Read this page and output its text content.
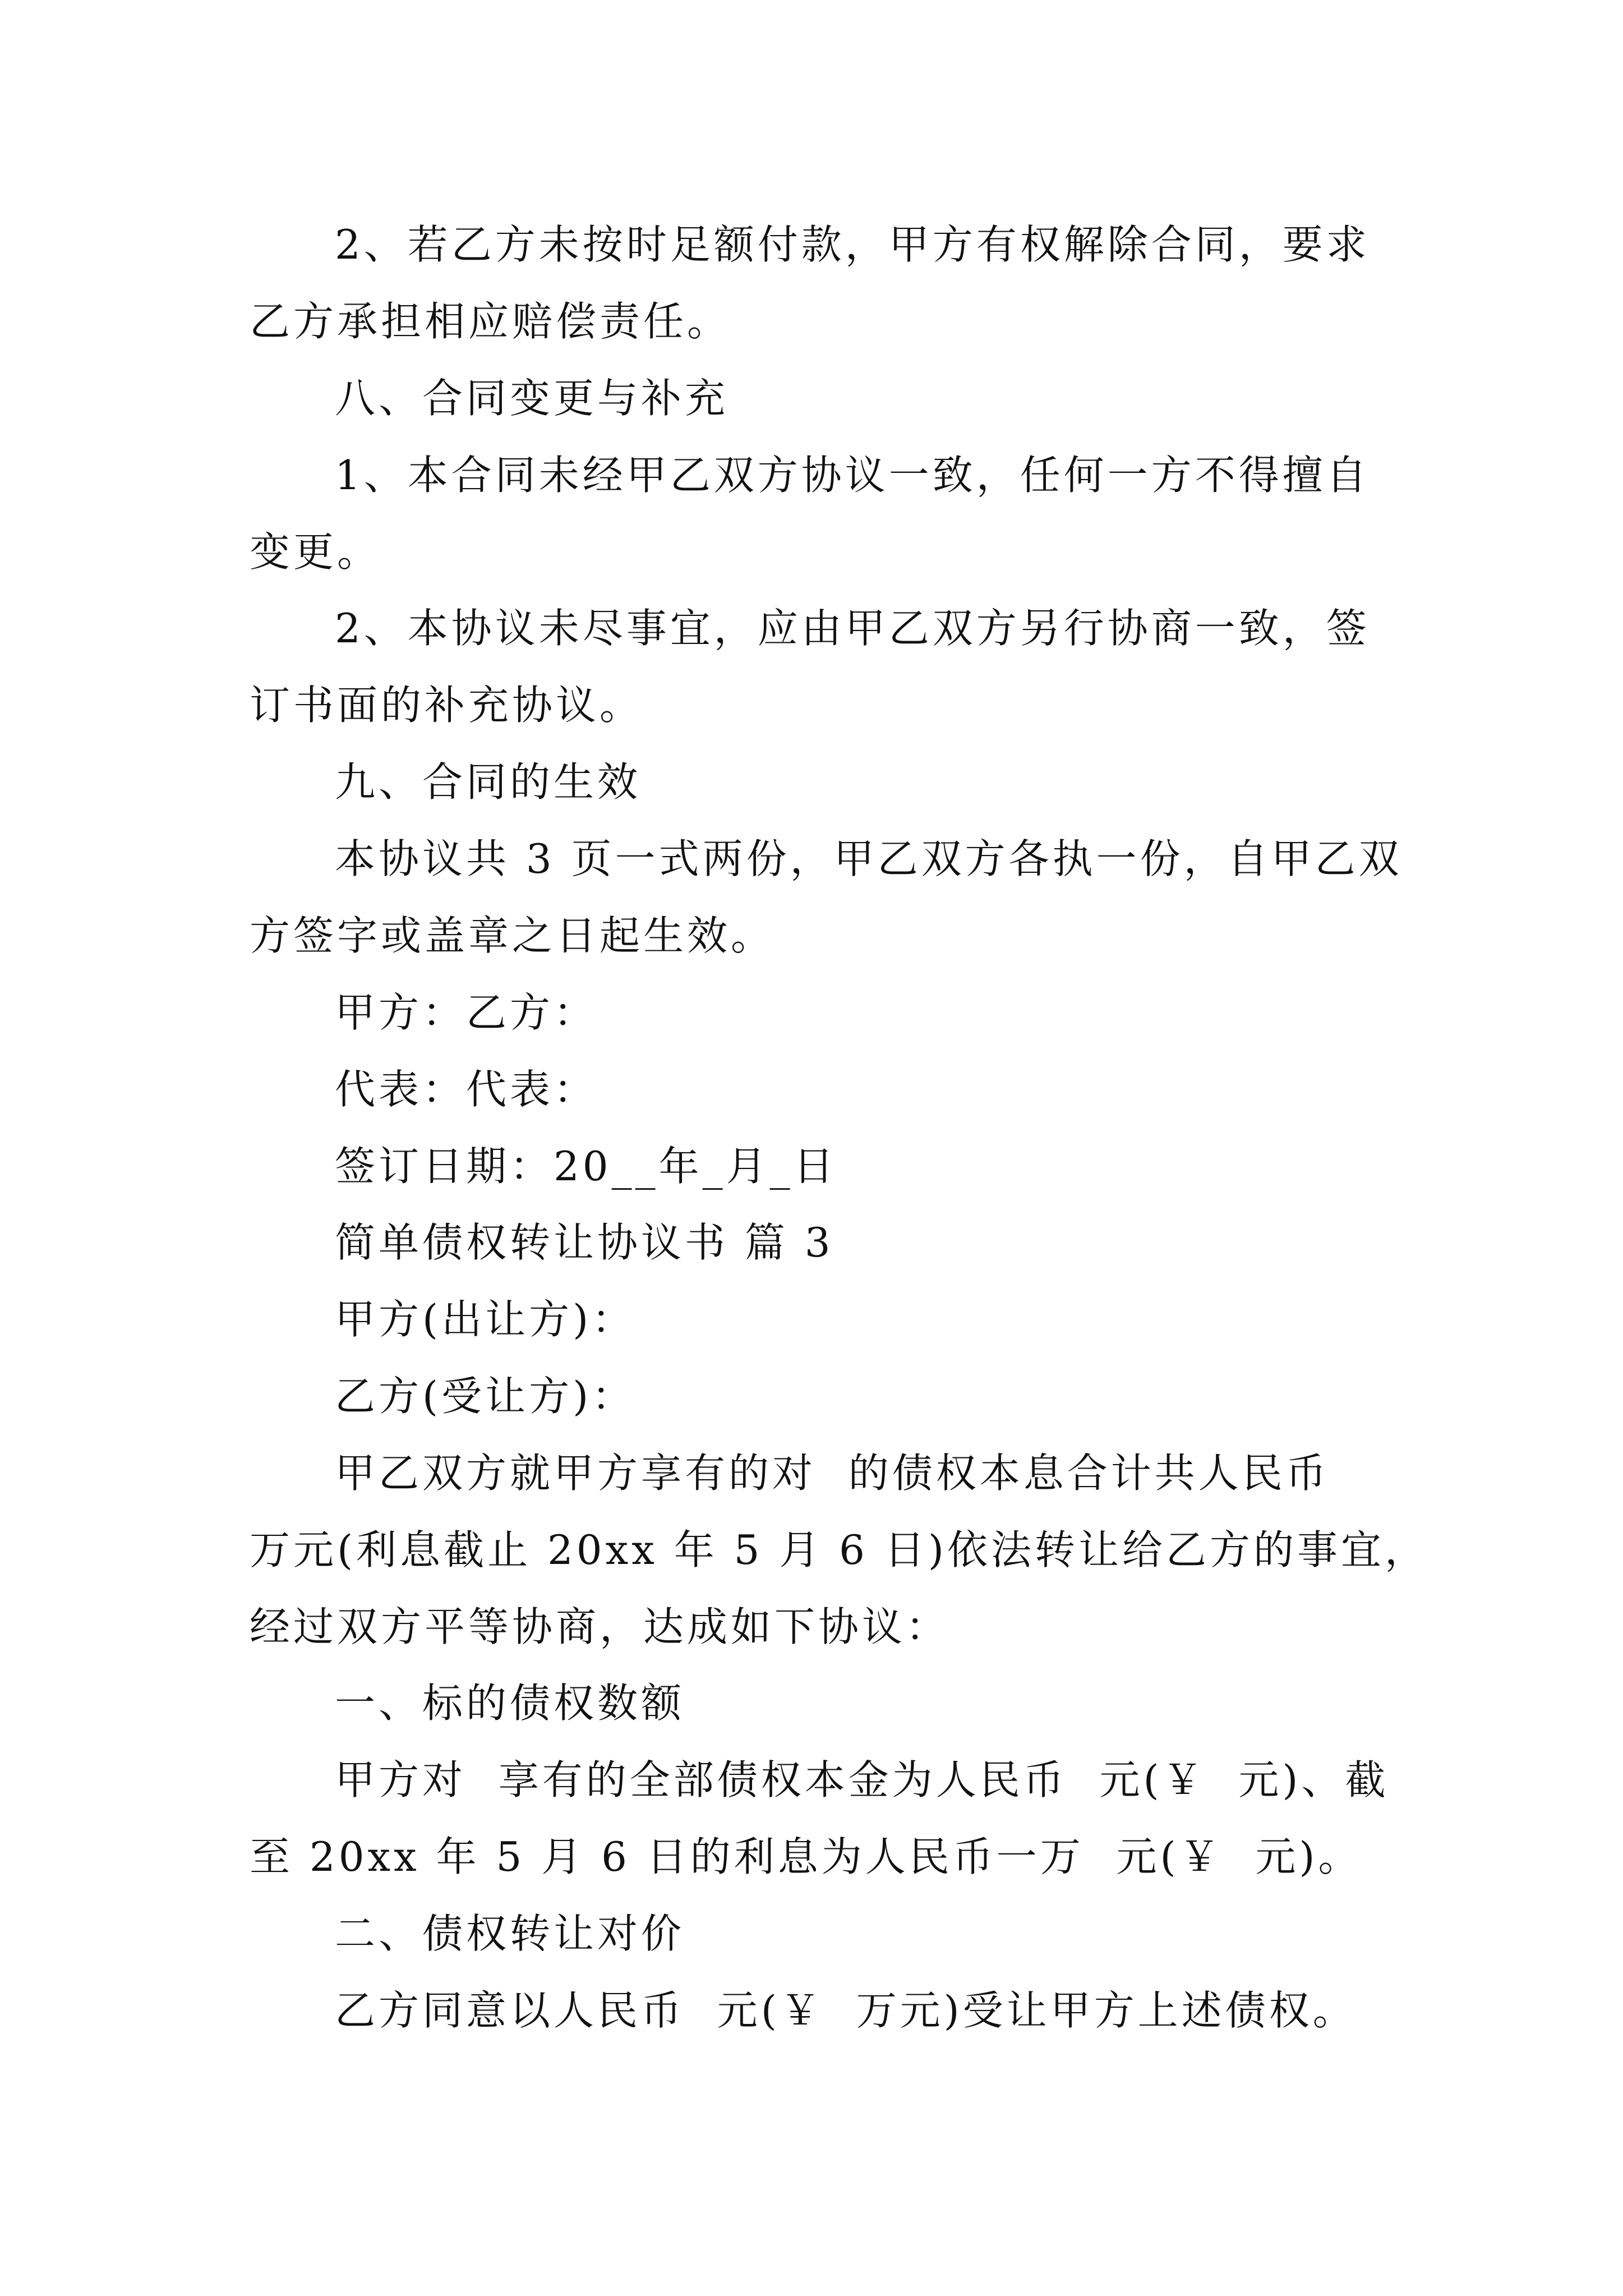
2、若乙方未按时足额付款，甲方有权解除合同，要求
乙方承担相应赔偿责任。
八、合同变更与补充
1、本合同未经甲乙双方协议一致，任何一方不得擅自
变更。
2、本协议未尽事宜，应由甲乙双方另行协商一致，签
订书面的补充协议。
九、合同的生效
本协议共 3 页一式两份，甲乙双方各执一份，自甲乙双
方签字或盖章之日起生效。
甲方：乙方：
代表：代表：
签订日期：20__年_月_日
简单债权转让协议书 篇 3
甲方(出让方)：
乙方(受让方)：
甲乙双方就甲方享有的对  的债权本息合计共人民币
万元(利息截止 20xx 年 5 月 6 日)依法转让给乙方的事宜，
经过双方平等协商，达成如下协议：
一、标的债权数额
甲方对  享有的全部债权本金为人民币  元(￥  元)、截
至 20xx 年 5 月 6 日的利息为人民币一万  元(￥  元)。
二、债权转让对价
乙方同意以人民币  元(￥  万元)受让甲方上述债权。
